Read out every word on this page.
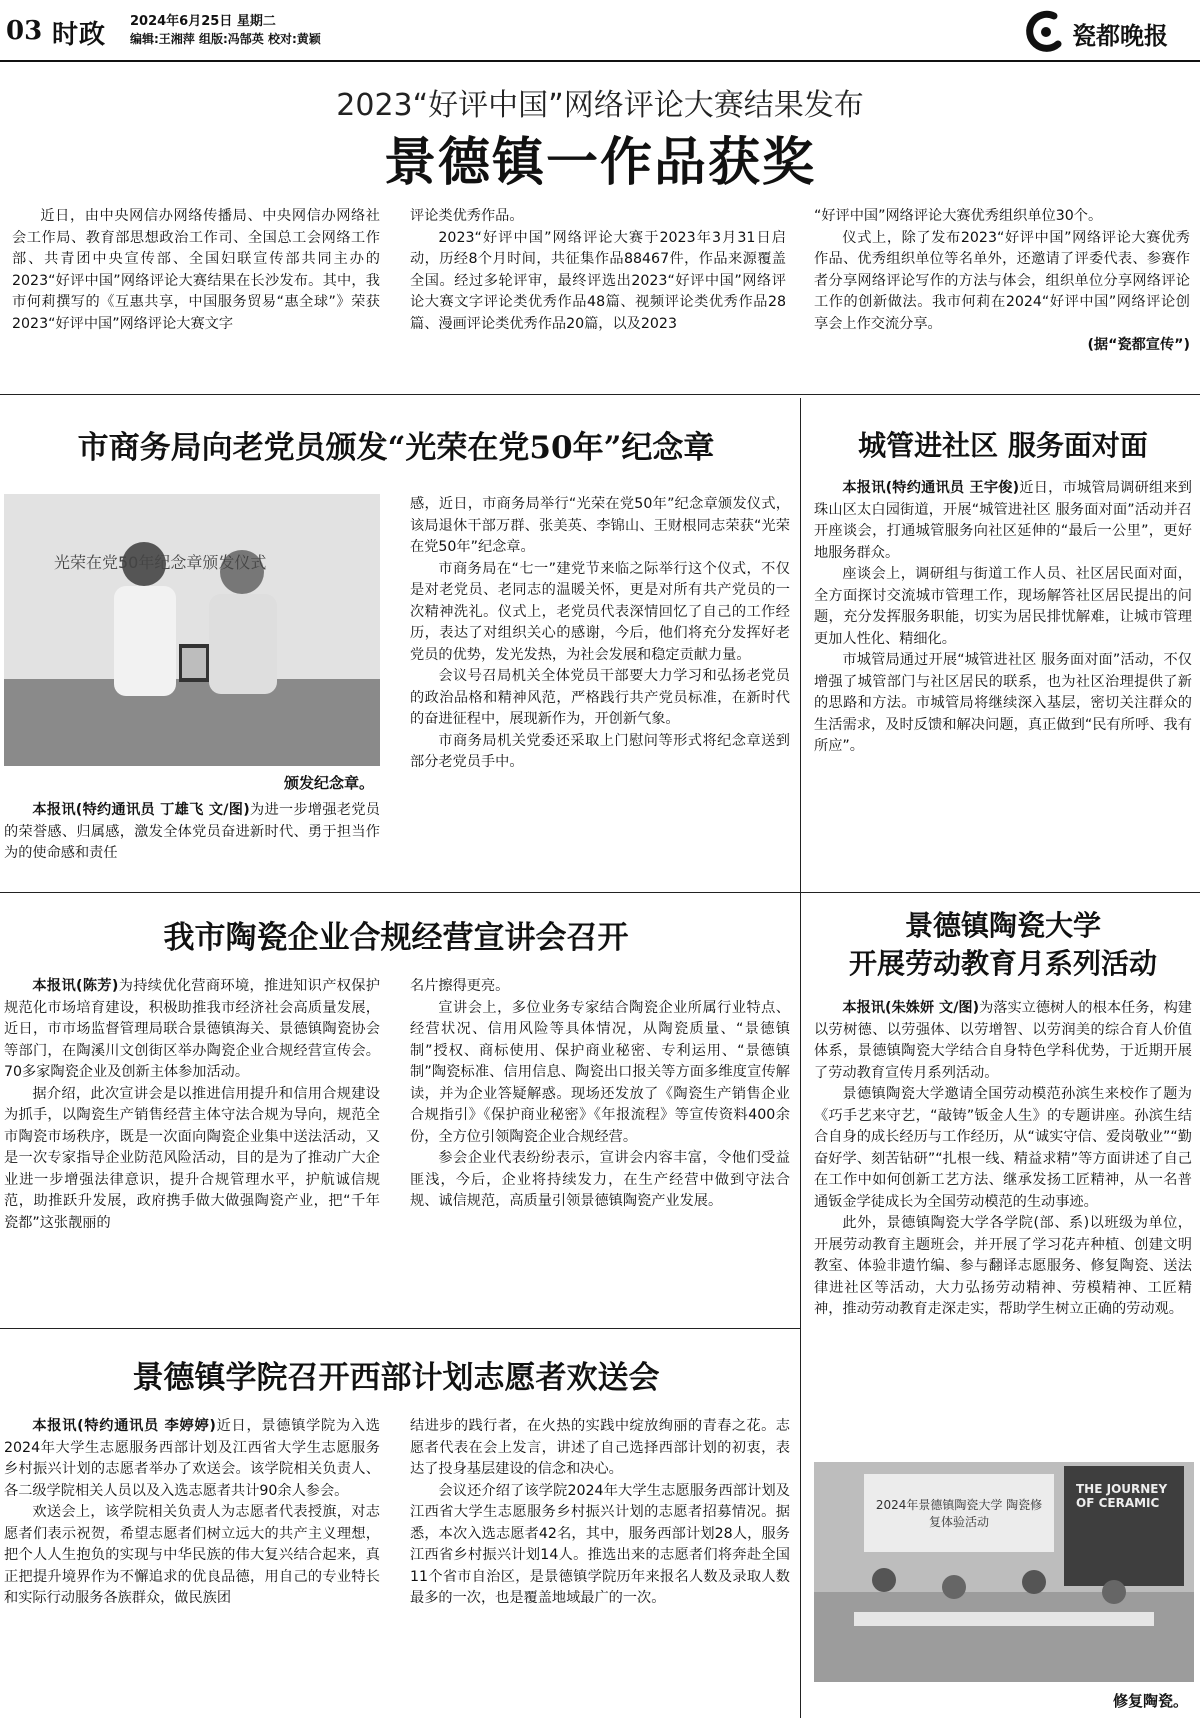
03 时政 2024年6月25日 星期二
编辑:王湘萍 组版:冯郜英 校对:黄颖	瓷都晚报
2023“好评中国”网络评论大赛结果发布
景德镇一作品获奖

近日，由中央网信办网络传播局、中央网信办网络社会工作局、教育部思想政治工作司、全国总工会网络工作部、共青团中央宣传部、全国妇联宣传部共同主办的2023“好评中国”网络评论大赛结果在长沙发布。其中，我市何莉撰写的《互惠共享，中国服务贸易“惠全球”》荣获2023“好评中国”网络评论大赛文字

评论类优秀作品。

2023“好评中国”网络评论大赛于2023年3月31日启动，历经8个月时间，共征集作品88467件，作品来源覆盖全国。经过多轮评审，最终评选出2023“好评中国”网络评论大赛文字评论类优秀作品48篇、视频评论类优秀作品28篇、漫画评论类优秀作品20篇，以及2023

“好评中国”网络评论大赛优秀组织单位30个。

仪式上，除了发布2023“好评中国”网络评论大赛优秀作品、优秀组织单位等名单外，还邀请了评委代表、参赛作者分享网络评论写作的方法与体会，组织单位分享网络评论工作的创新做法。我市何莉在2024“好评中国”网络评论创享会上作交流分享。

(据“瓷都宣传”)
市商务局向老党员颁发“光荣在党50年”纪念章
光荣在党50年纪念章颁发仪式
颁发纪念章。

本报讯(特约通讯员 丁雄飞 文/图)为进一步增强老党员的荣誉感、归属感，激发全体党员奋进新时代、勇于担当作为的使命感和责任

感，近日，市商务局举行“光荣在党50年”纪念章颁发仪式，该局退休干部万群、张美英、李锦山、王财根同志荣获“光荣在党50年”纪念章。

市商务局在“七一”建党节来临之际举行这个仪式，不仅是对老党员、老同志的温暖关怀，更是对所有共产党员的一次精神洗礼。仪式上，老党员代表深情回忆了自己的工作经历，表达了对组织关心的感谢，今后，他们将充分发挥好老党员的优势，发光发热，为社会发展和稳定贡献力量。

会议号召局机关全体党员干部要大力学习和弘扬老党员的政治品格和精神风范，严格践行共产党员标准，在新时代的奋进征程中，展现新作为，开创新气象。

市商务局机关党委还采取上门慰问等形式将纪念章送到部分老党员手中。

城管进社区 服务面对面

本报讯(特约通讯员 王宇俊)近日，市城管局调研组来到珠山区太白园街道，开展“城管进社区 服务面对面”活动并召开座谈会，打通城管服务向社区延伸的“最后一公里”，更好地服务群众。

座谈会上，调研组与街道工作人员、社区居民面对面，全方面探讨交流城市管理工作，现场解答社区居民提出的问题，充分发挥服务职能，切实为居民排忧解难，让城市管理更加人性化、精细化。

市城管局通过开展“城管进社区 服务面对面”活动，不仅增强了城管部门与社区居民的联系，也为社区治理提供了新的思路和方法。市城管局将继续深入基层，密切关注群众的生活需求，及时反馈和解决问题，真正做到“民有所呼、我有所应”。

我市陶瓷企业合规经营宣讲会召开

本报讯(陈芳)为持续优化营商环境，推进知识产权保护规范化市场培育建设，积极助推我市经济社会高质量发展，近日，市市场监督管理局联合景德镇海关、景德镇陶瓷协会等部门，在陶溪川文创街区举办陶瓷企业合规经营宣传会。70多家陶瓷企业及创新主体参加活动。

据介绍，此次宣讲会是以推进信用提升和信用合规建设为抓手，以陶瓷生产销售经营主体守法合规为导向，规范全市陶瓷市场秩序，既是一次面向陶瓷企业集中送法活动，又是一次专家指导企业防范风险活动，目的是为了推动广大企业进一步增强法律意识，提升合规管理水平，护航诚信规范，助推跃升发展，政府携手做大做强陶瓷产业，把“千年瓷都”这张靓丽的

名片擦得更亮。

宣讲会上，多位业务专家结合陶瓷企业所属行业特点、经营状况、信用风险等具体情况，从陶瓷质量、“景德镇制”授权、商标使用、保护商业秘密、专利运用、“景德镇制”陶瓷标准、信用信息、陶瓷出口报关等方面多维度宣传解读，并为企业答疑解惑。现场还发放了《陶瓷生产销售企业合规指引》《保护商业秘密》《年报流程》等宣传资料400余份，全方位引领陶瓷企业合规经营。

参会企业代表纷纷表示，宣讲会内容丰富，令他们受益匪浅，今后，企业将持续发力，在生产经营中做到守法合规、诚信规范，高质量引领景德镇陶瓷产业发展。

景德镇学院召开西部计划志愿者欢送会

本报讯(特约通讯员 李婷婷)近日，景德镇学院为入选2024年大学生志愿服务西部计划及江西省大学生志愿服务乡村振兴计划的志愿者举办了欢送会。该学院相关负责人、各二级学院相关人员以及入选志愿者共计90余人参会。

欢送会上，该学院相关负责人为志愿者代表授旗，对志愿者们表示祝贺，希望志愿者们树立远大的共产主义理想，把个人人生抱负的实现与中华民族的伟大复兴结合起来，真正把提升境界作为不懈追求的优良品德，用自己的专业特长和实际行动服务各族群众，做民族团

结进步的践行者，在火热的实践中绽放绚丽的青春之花。志愿者代表在会上发言，讲述了自己选择西部计划的初衷，表达了投身基层建设的信念和决心。

会议还介绍了该学院2024年大学生志愿服务西部计划及江西省大学生志愿服务乡村振兴计划的志愿者招募情况。据悉，本次入选志愿者42名，其中，服务西部计划28人，服务江西省乡村振兴计划14人。推选出来的志愿者们将奔赴全国11个省市自治区，是景德镇学院历年来报名人数及录取人数最多的一次，也是覆盖地域最广的一次。

景德镇陶瓷大学
开展劳动教育月系列活动

本报讯(朱姝妍 文/图)为落实立德树人的根本任务，构建以劳树德、以劳强体、以劳增智、以劳润美的综合育人价值体系，景德镇陶瓷大学结合自身特色学科优势，于近期开展了劳动教育宣传月系列活动。

景德镇陶瓷大学邀请全国劳动模范孙滨生来校作了题为《巧手艺来守艺，“敲铸”钣金人生》的专题讲座。孙滨生结合自身的成长经历与工作经历，从“诚实守信、爱岗敬业”“勤奋好学、刻苦钻研”“扎根一线、精益求精”等方面讲述了自己在工作中如何创新工艺方法、继承发扬工匠精神，从一名普通钣金学徒成长为全国劳动模范的生动事迹。

此外，景德镇陶瓷大学各学院(部、系)以班级为单位，开展劳动教育主题班会，并开展了学习花卉种植、创建文明教室、体验非遗竹编、参与翻译志愿服务、修复陶瓷、送法律进社区等活动，大力弘扬劳动精神、劳模精神、工匠精神，推动劳动教育走深走实，帮助学生树立正确的劳动观。

2024年景德镇陶瓷大学 陶瓷修复体验活动
THE JOURNEY OF CERAMIC
修复陶瓷。
